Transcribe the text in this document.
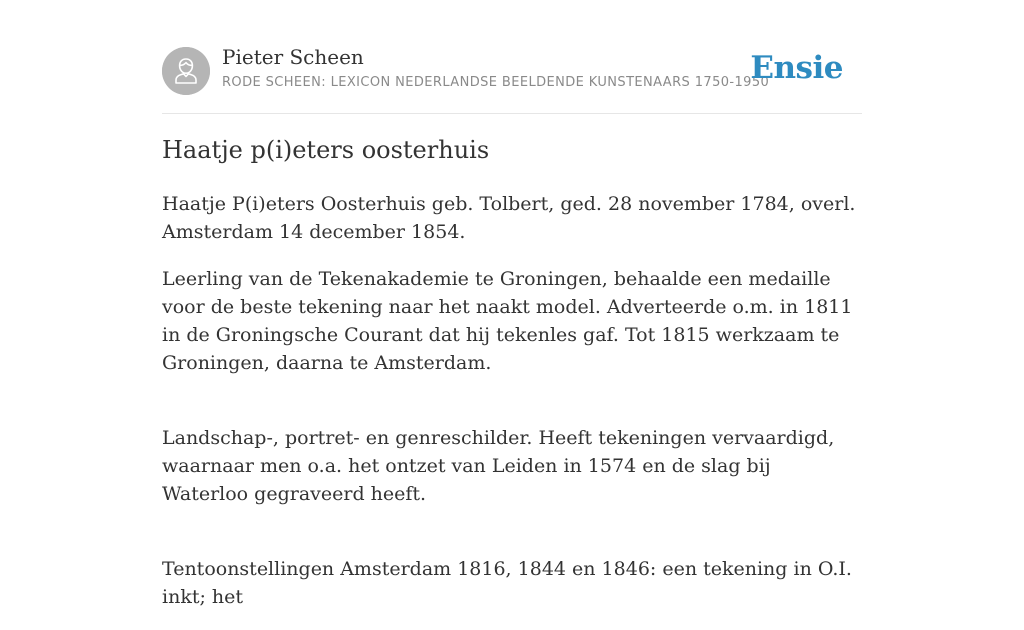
Pieter Scheen
RODE SCHEEN: LEXICON NEDERLANDSE BEELDENDE KUNSTENAARS 1750-1950
Ensie
Haatje p(i)eters oosterhuis

Haatje P(i)eters Oosterhuis geb. Tolbert, ged. 28 november 1784, overl. Amsterdam 14 december 1854.

Leerling van de Tekenakademie te Groningen, behaalde een medaille voor de beste tekening naar het naakt model. Adverteerde o.m. in 1811 in de Groningsche Courant dat hij tekenles gaf. Tot 1815 werkzaam te Groningen, daarna te Amsterdam.

Landschap-, portret- en genreschilder. Heeft tekeningen vervaardigd, waarnaar men o.a. het ontzet van Leiden in 1574 en de slag bij Waterloo gegraveerd heeft.

Tentoonstellingen Amsterdam 1816, 1844 en 1846: een tekening in O.I. inkt; het
